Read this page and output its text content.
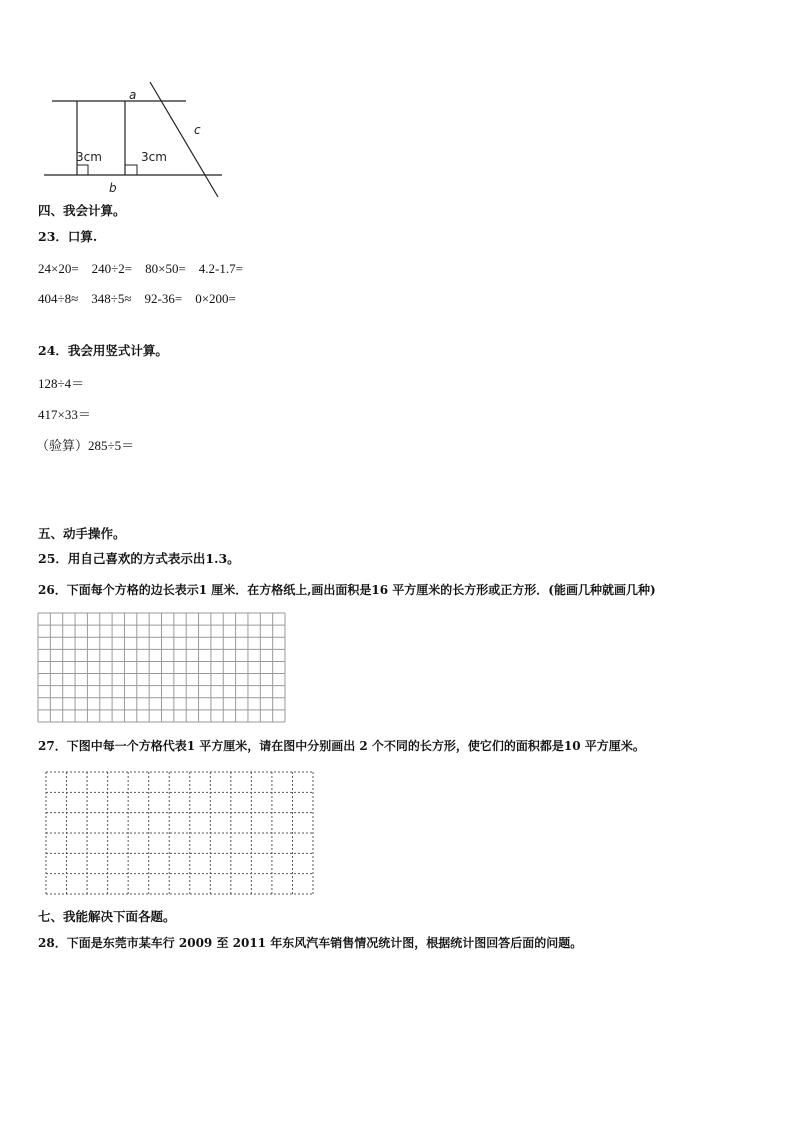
a
b
c
3cm	3cm
四、我会计算。
23．口算.
24×20=    240÷2=    80×50=    4.2-1.7=
404÷8≈    348÷5≈    92-36=    0×200=
24．我会用竖式计算。
128÷4＝
417×33＝
（验算）285÷5＝
五、动手操作。
25．用自己喜欢的方式表示出1.3。
26．下面每个方格的边长表示1 厘米．在方格纸上,画出面积是16 平方厘米的长方形或正方形．(能画几种就画几种)
27．下图中每一个方格代表1 平方厘米，请在图中分别画出 2 个不同的长方形，使它们的面积都是10 平方厘米。
七、我能解决下面各题。
28．下面是东莞市某车行 2009 至 2011 年东风汽车销售情况统计图，根据统计图回答后面的问题。
